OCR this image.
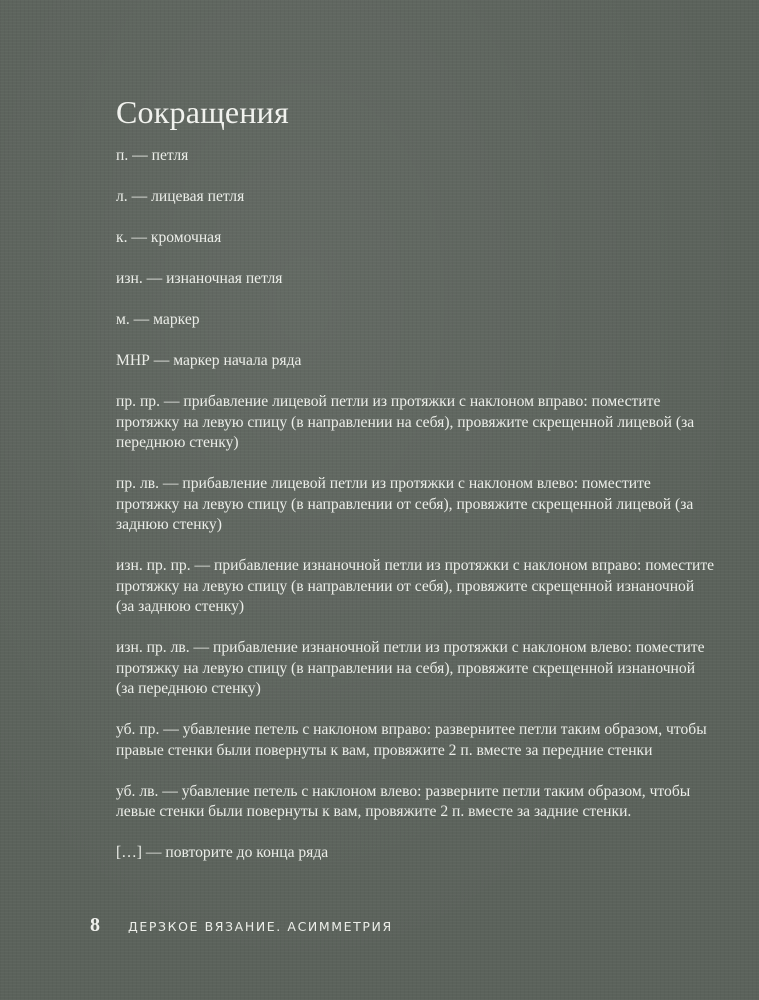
Сокращения
п. — петля
л. — лицевая петля
к. — кромочная
изн. — изнаночная петля
м. — маркер
МНР — маркер начала ряда
пр. пр. — прибавление лицевой петли из протяжки с наклоном вправо: поместите протяжку на левую спицу (в направлении на себя), провяжите скрещенной лицевой (за переднюю стенку)
пр. лв. — прибавление лицевой петли из протяжки с наклоном влево: поместите протяжку на левую спицу (в направлении от себя), провяжите скрещенной лицевой (за заднюю стенку)
изн. пр. пр. — прибавление изнаночной петли из протяжки с наклоном вправо: поместите протяжку на левую спицу (в направлении от себя), провяжите скрещенной изнаночной (за заднюю стенку)
изн. пр. лв. — прибавление изнаночной петли из протяжки с наклоном влево: поместите протяжку на левую спицу (в направлении на себя), провяжите скрещенной изнаночной (за переднюю стенку)
уб. пр. — убавление петель с наклоном вправо: развернитее петли таким образом, чтобы правые стенки были повернуты к вам, провяжите 2 п. вместе за передние стенки
уб. лв. — убавление петель с наклоном влево: разверните петли таким образом, чтобы левые стенки были повернуты к вам, провяжите 2 п. вместе за задние стенки.
[…] — повторите до конца ряда
8 ДЕРЗКОЕ ВЯЗАНИЕ. АСИММЕТРИЯ
